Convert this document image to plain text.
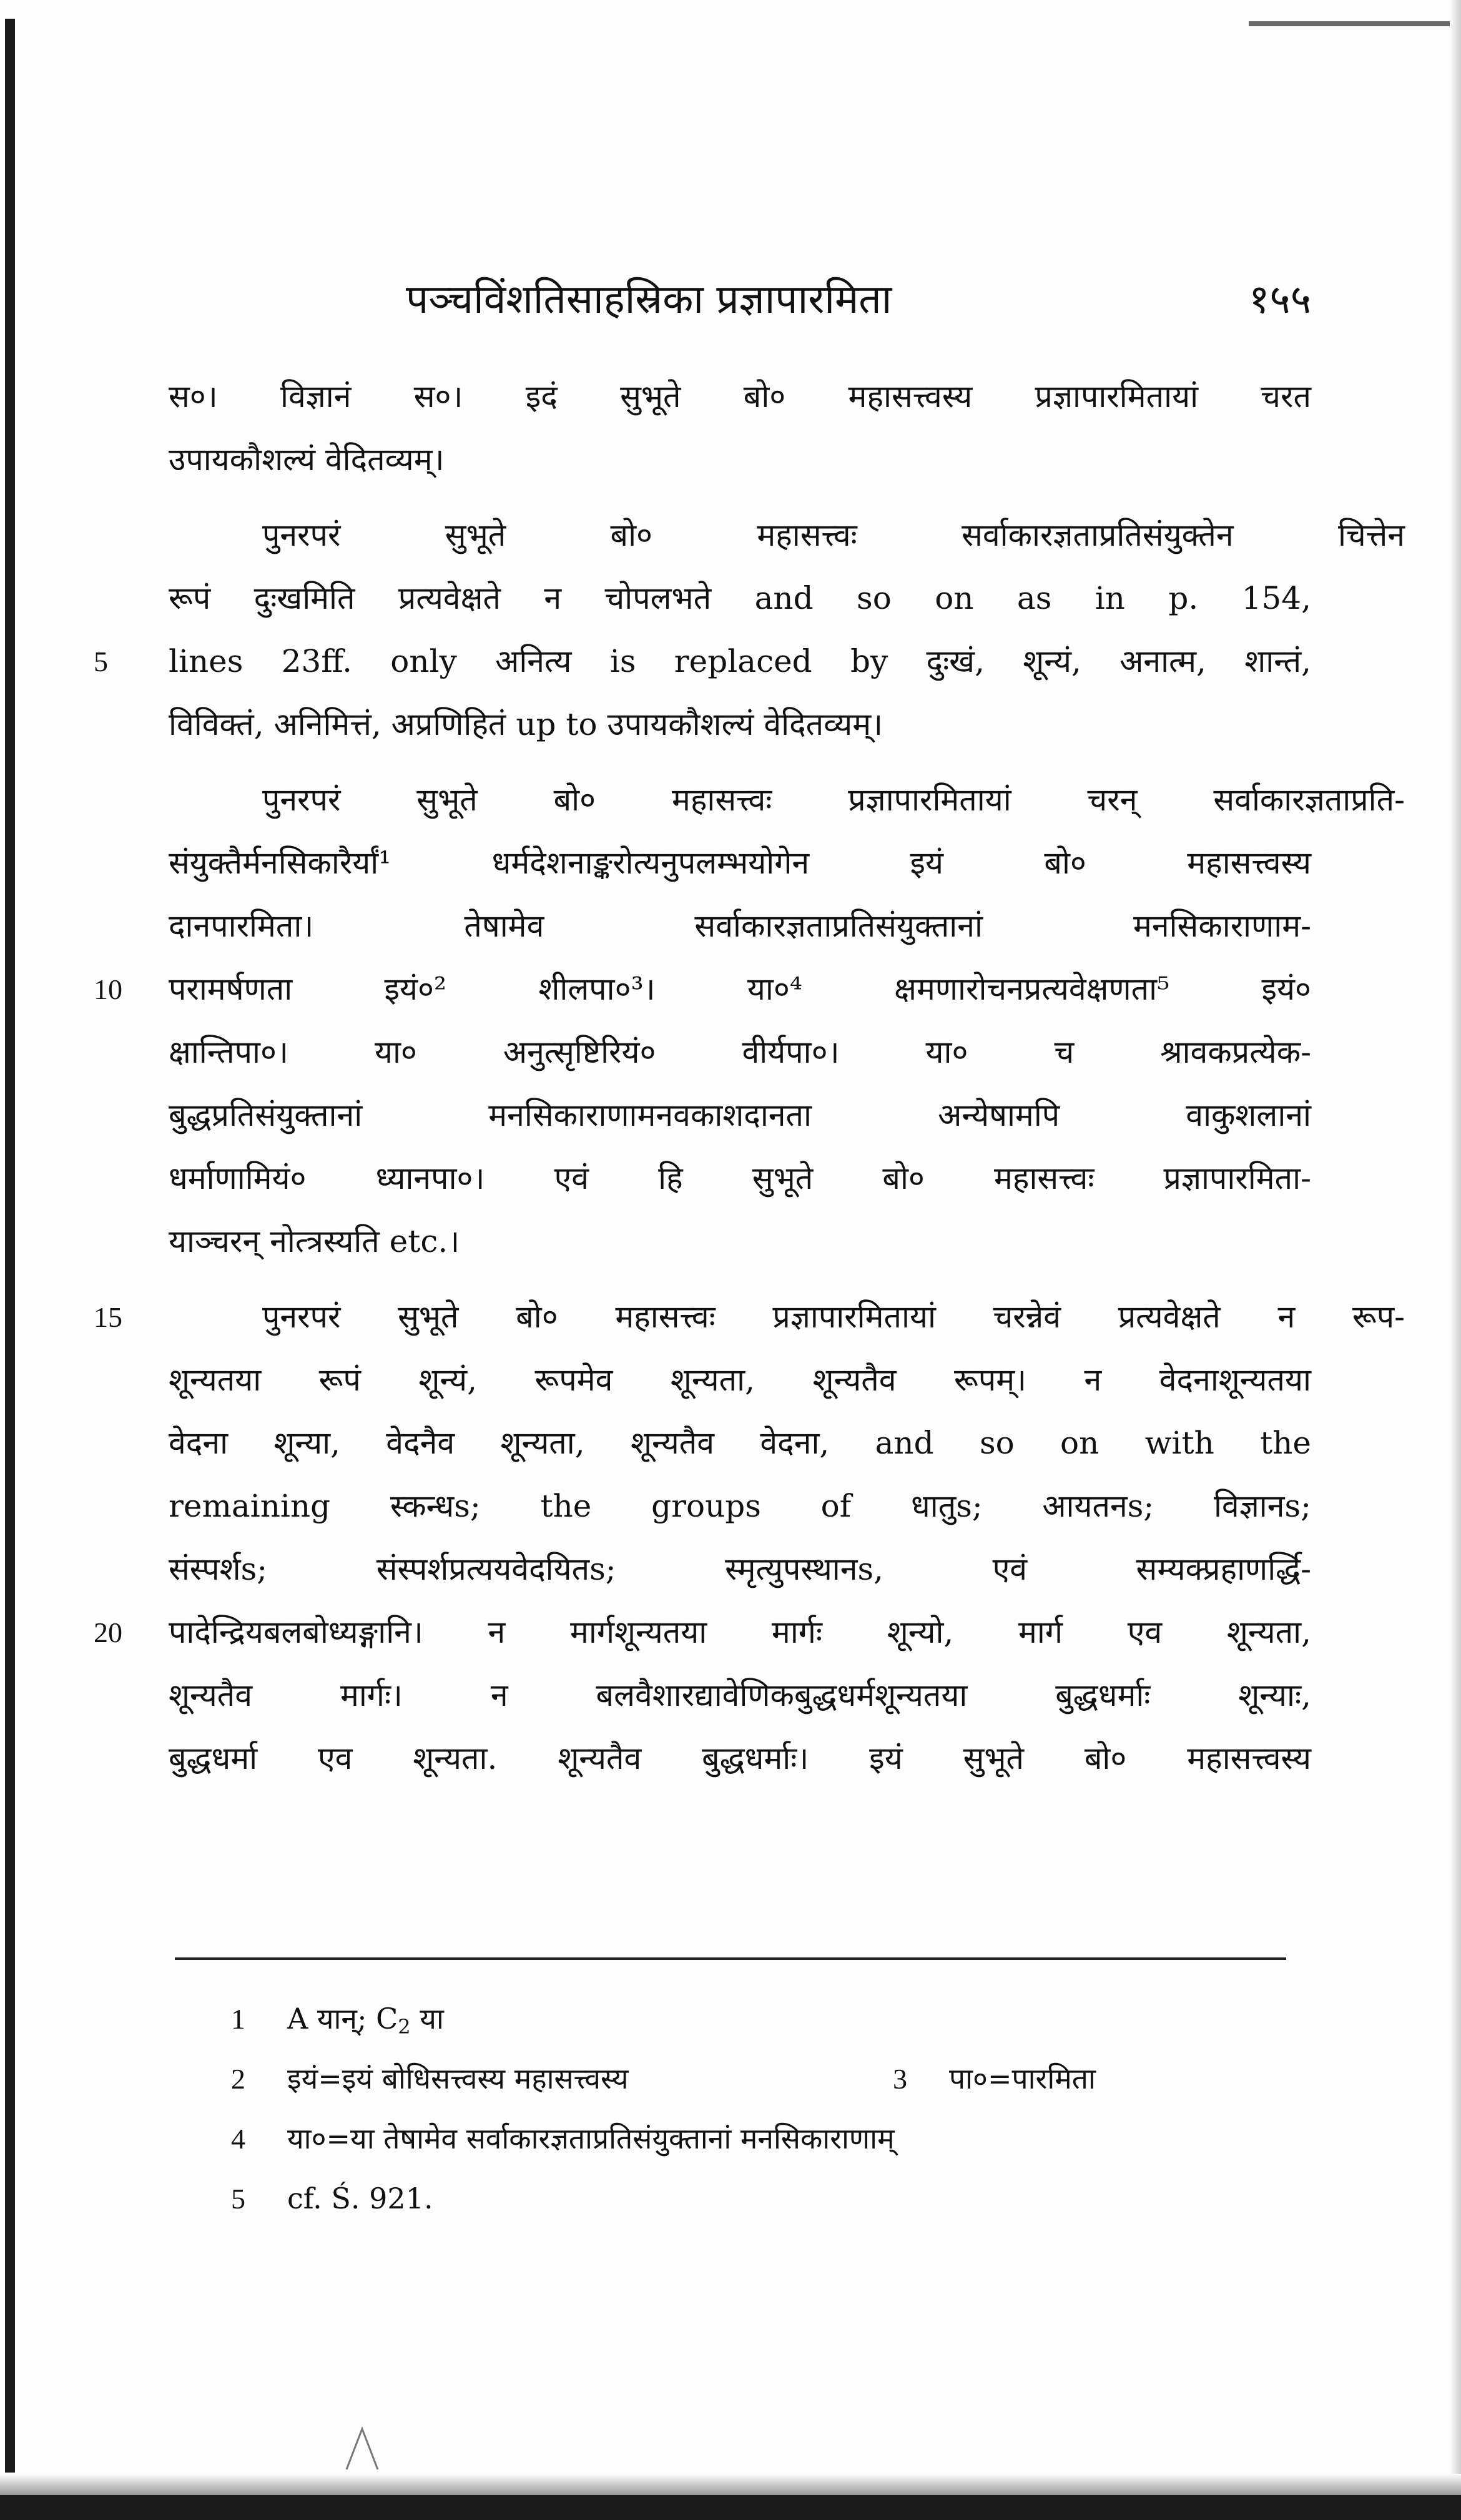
पञ्चविंशतिसाहस्रिका प्रज्ञापारमिता	१५५
स०। विज्ञानं स०। इदं सुभूते बो० महासत्त्वस्य प्रज्ञापारमितायां चरत
उपायकौशल्यं वेदितव्यम्।
पुनरपरं सुभूते बो० महासत्त्वः सर्वाकारज्ञताप्रतिसंयुक्तेन चित्तेन
रूपं दुःखमिति प्रत्यवेक्षते न चोपलभते and so on as in p. 154,
5	lines 23ff. only अनित्य is replaced by दुःखं, शून्यं, अनात्म, शान्तं,
विविक्तं, अनिमित्तं, अप्रणिहितं up to उपायकौशल्यं वेदितव्यम्।
पुनरपरं सुभूते बो० महासत्त्वः प्रज्ञापारमितायां चरन् सर्वाकारज्ञताप्रति-
संयुक्तैर्मनसिकारैर्यां¹ धर्मदेशनाङ्करोत्यनुपलम्भयोगेन इयं बो० महासत्त्वस्य
दानपारमिता। तेषामेव सर्वाकारज्ञताप्रतिसंयुक्तानां मनसिकाराणाम-
10	परामर्षणता इयं०² शीलपा०³। या०⁴ क्षमणारोचनप्रत्यवेक्षणता⁵ इयं०
क्षान्तिपा०। या० अनुत्सृष्टिरियं० वीर्यपा०। या० च श्रावकप्रत्येक-
बुद्धप्रतिसंयुक्तानां मनसिकाराणामनवकाशदानता अन्येषामपि वाकुशलानां
धर्माणामियं० ध्यानपा०। एवं हि सुभूते बो० महासत्त्वः प्रज्ञापारमिता-
याञ्चरन् नोत्त्रस्यति etc.।
15	पुनरपरं सुभूते बो० महासत्त्वः प्रज्ञापारमितायां चरन्नेवं प्रत्यवेक्षते न रूप-
शून्यतया रूपं शून्यं, रूपमेव शून्यता, शून्यतैव रूपम्। न वेदनाशून्यतया
वेदना शून्या, वेदनैव शून्यता, शून्यतैव वेदना, and so on with the
remaining स्कन्धs; the groups of धातुs; आयतनs; विज्ञानs;
संस्पर्शs; संस्पर्शप्रत्ययवेदयितs; स्मृत्युपस्थानs, एवं सम्यक्प्रहाणर्द्धि-
20	पादेन्द्रियबलबोध्यङ्गानि। न मार्गशून्यतया मार्गः शून्यो, मार्ग एव शून्यता,
शून्यतैव मार्गः। न बलवैशारद्यावेणिकबुद्धधर्मशून्यतया बुद्धधर्माः शून्याः,
बुद्धधर्मा एव शून्यता. शून्यतैव बुद्धधर्माः। इयं सुभूते बो० महासत्त्वस्य
1 A यान्; $C_2$ या
2 इयं=इयं बोधिसत्त्वस्य महासत्त्वस्य	3 पा०=पारमिता
4 या०=या तेषामेव सर्वाकारज्ञताप्रतिसंयुक्तानां मनसिकाराणाम्
5 cf. Ś. 921.
